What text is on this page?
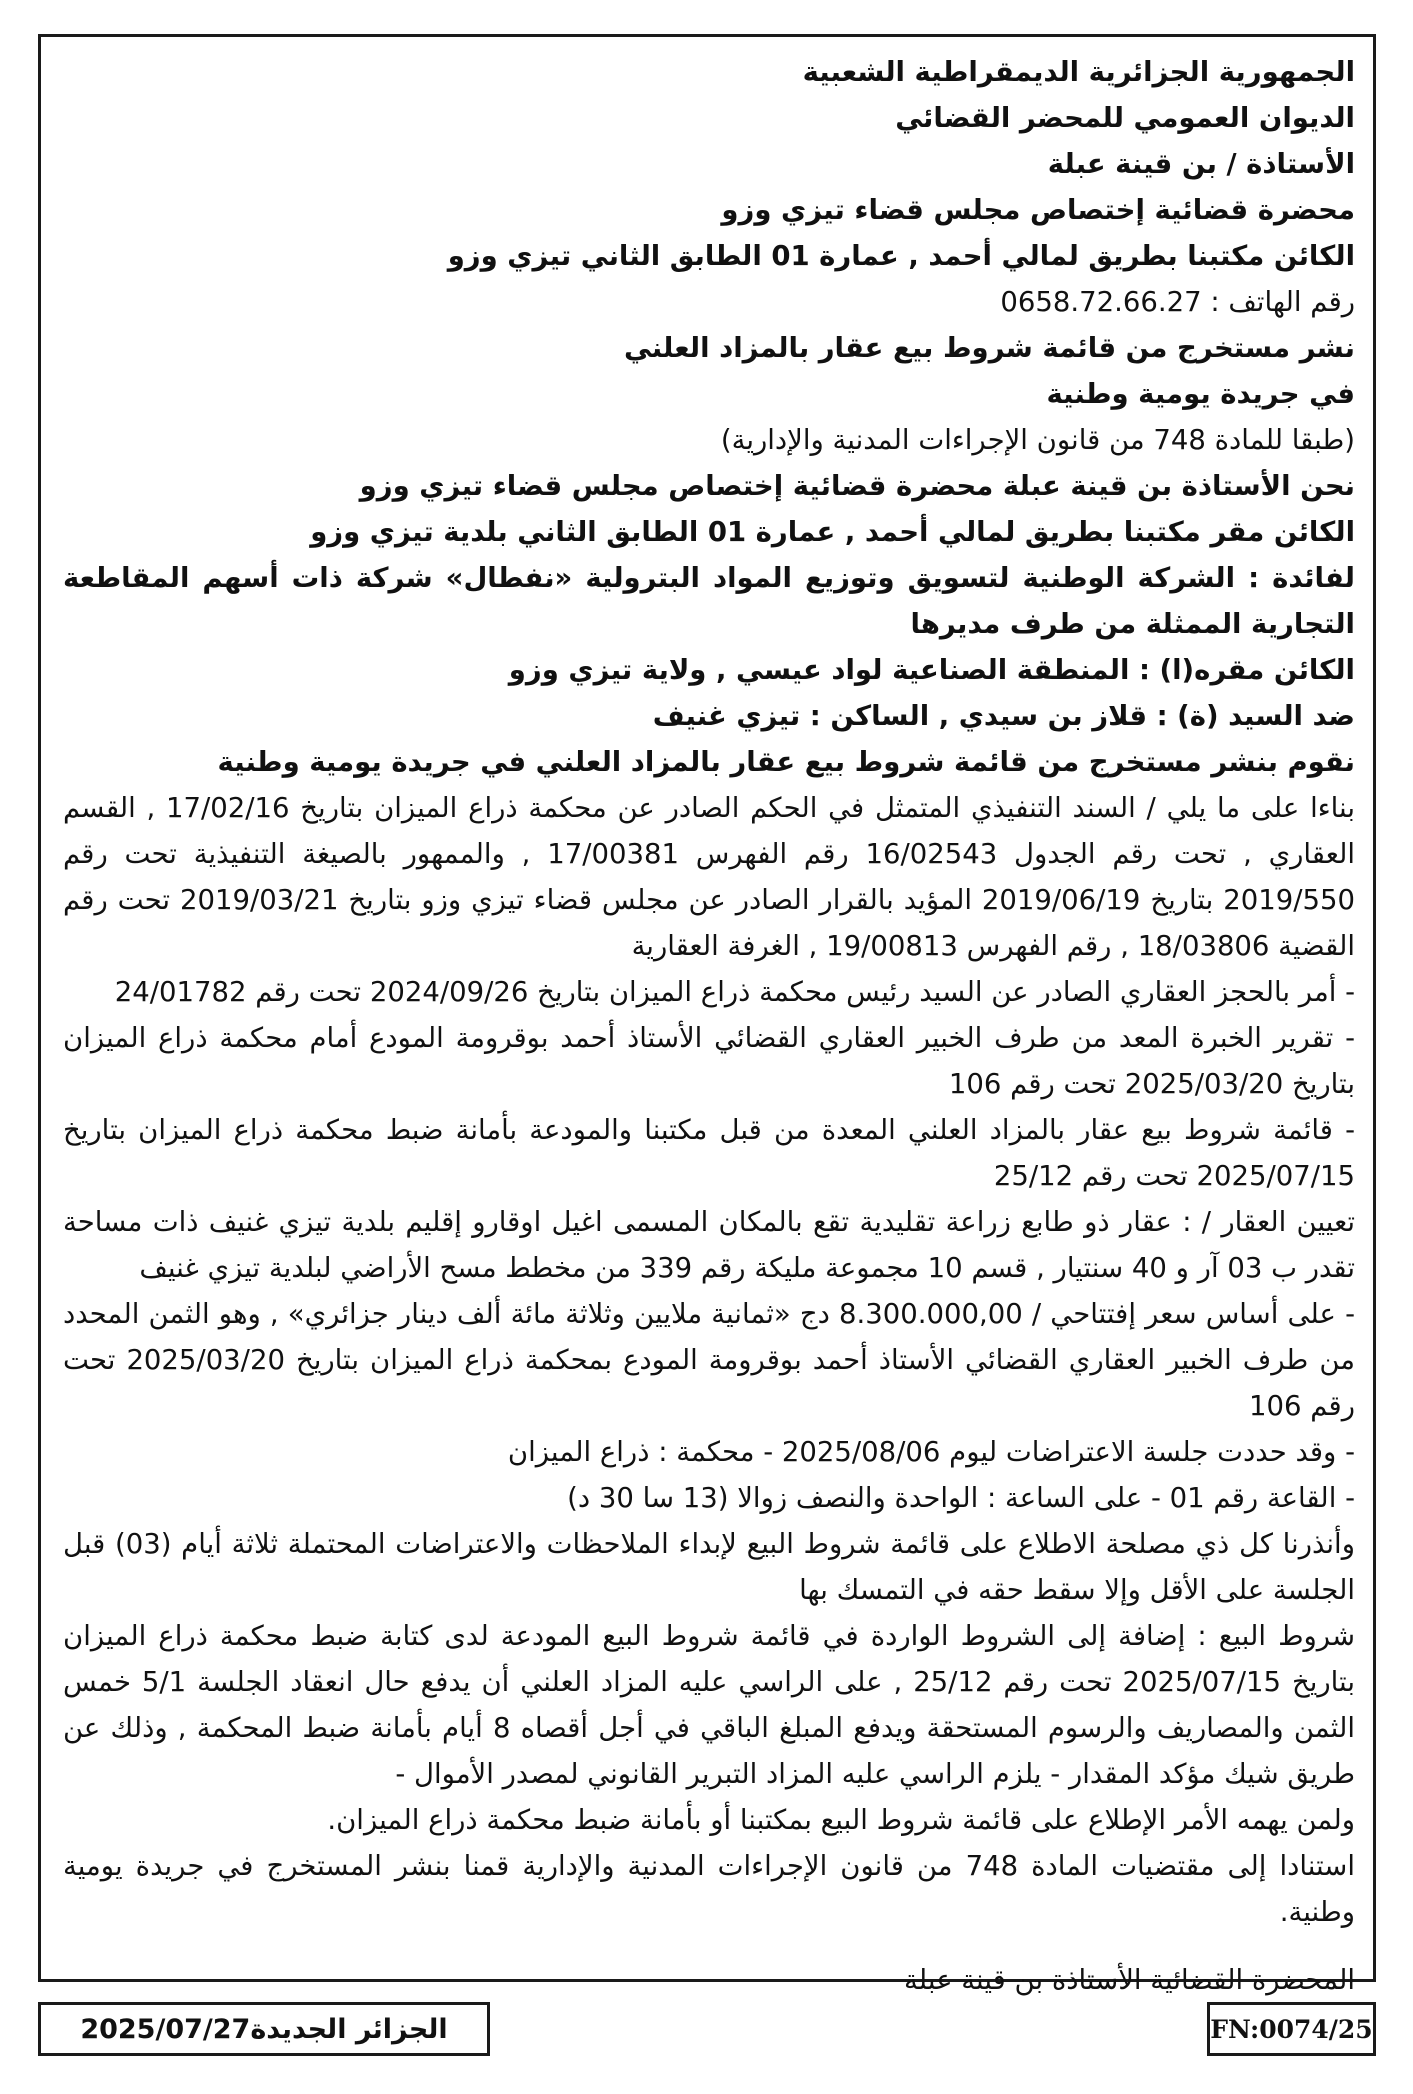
الجمهورية الجزائرية الديمقراطية الشعبية
الديوان العمومي للمحضر القضائي
الأستاذة / بن قينة عبلة
محضرة قضائية إختصاص مجلس قضاء تيزي وزو
الكائن مكتبنا بطريق لمالي أحمد , عمارة 01 الطابق الثاني تيزي وزو
رقم الهاتف : 0658.72.66.27
نشر مستخرج من قائمة شروط بيع عقار بالمزاد العلني
في جريدة يومية وطنية
(طبقا للمادة 748 من قانون الإجراءات المدنية والإدارية)
نحن الأستاذة بن قينة عبلة محضرة قضائية إختصاص مجلس قضاء تيزي وزو
الكائن مقر مكتبنا بطريق لمالي أحمد , عمارة 01 الطابق الثاني بلدية تيزي وزو
لفائدة : الشركة الوطنية لتسويق وتوزيع المواد البترولية «نفطال» شركة ذات أسهم المقاطعة التجارية الممثلة من طرف مديرها
الكائن مقره(ا) : المنطقة الصناعية لواد عيسي , ولاية تيزي وزو
ضد السيد (ة) : قلاز بن سيدي , الساكن : تيزي غنيف
نقوم بنشر مستخرج من قائمة شروط بيع عقار بالمزاد العلني في جريدة يومية وطنية
بناءا على ما يلي / السند التنفيذي المتمثل في الحكم الصادر عن محكمة ذراع الميزان بتاريخ 17/02/16 , القسم العقاري , تحت رقم الجدول 16/02543 رقم الفهرس 17/00381 , والممهور بالصيغة التنفيذية تحت رقم 2019/550 بتاريخ 2019/06/19 المؤيد بالقرار الصادر عن مجلس قضاء تيزي وزو بتاريخ 2019/03/21 تحت رقم القضية 18/03806 , رقم الفهرس 19/00813 , الغرفة العقارية
- أمر بالحجز العقاري الصادر عن السيد رئيس محكمة ذراع الميزان بتاريخ 2024/09/26 تحت رقم 24/01782
- تقرير الخبرة المعد من طرف الخبير العقاري القضائي الأستاذ أحمد بوقرومة المودع أمام محكمة ذراع الميزان بتاريخ 2025/03/20 تحت رقم 106
- قائمة شروط بيع عقار بالمزاد العلني المعدة من قبل مكتبنا والمودعة بأمانة ضبط محكمة ذراع الميزان بتاريخ 2025/07/15 تحت رقم 25/12
تعيين العقار / : عقار ذو طابع زراعة تقليدية تقع بالمكان المسمى اغيل اوقارو إقليم بلدية تيزي غنيف ذات مساحة تقدر ب 03 آر و 40 سنتيار , قسم 10 مجموعة مليكة رقم 339 من مخطط مسح الأراضي لبلدية تيزي غنيف
- على أساس سعر إفتتاحي / 8.300.000,00 دج «ثمانية ملايين وثلاثة مائة ألف دينار جزائري» , وهو الثمن المحدد من طرف الخبير العقاري القضائي الأستاذ أحمد بوقرومة المودع بمحكمة ذراع الميزان بتاريخ 2025/03/20 تحت رقم 106
- وقد حددت جلسة الاعتراضات ليوم 2025/08/06 - محكمة : ذراع الميزان
- القاعة رقم 01 - على الساعة : الواحدة والنصف زوالا (13 سا 30 د)
وأنذرنا كل ذي مصلحة الاطلاع على قائمة شروط البيع لإبداء الملاحظات والاعتراضات المحتملة ثلاثة أيام (03) قبل الجلسة على الأقل وإلا سقط حقه في التمسك بها
شروط البيع : إضافة إلى الشروط الواردة في قائمة شروط البيع المودعة لدى كتابة ضبط محكمة ذراع الميزان بتاريخ 2025/07/15 تحت رقم 25/12 , على الراسي عليه المزاد العلني أن يدفع حال انعقاد الجلسة 5/1 خمس الثمن والمصاريف والرسوم المستحقة ويدفع المبلغ الباقي في أجل أقصاه 8 أيام بأمانة ضبط المحكمة , وذلك عن طريق شيك مؤكد المقدار - يلزم الراسي عليه المزاد التبرير القانوني لمصدر الأموال -
ولمن يهمه الأمر الإطلاع على قائمة شروط البيع بمكتبنا أو بأمانة ضبط محكمة ذراع الميزان.
استنادا إلى مقتضيات المادة 748 من قانون الإجراءات المدنية والإدارية قمنا بنشر المستخرج في جريدة يومية وطنية.
المحضرة القضائية الأستاذة بن قينة عبلة
الجزائر الجديدة2025/07/27	FN:0074/25
